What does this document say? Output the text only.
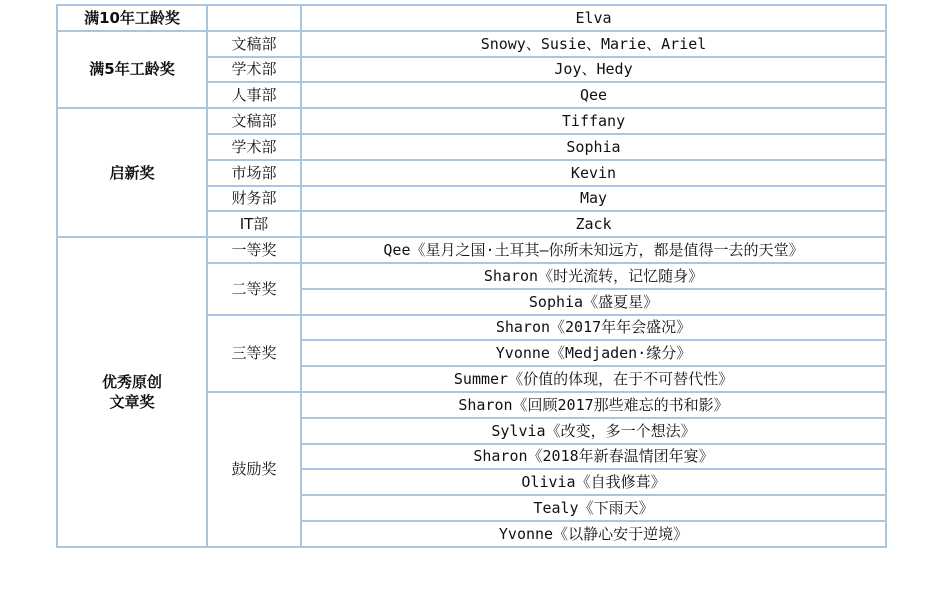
满10年工龄奖		Elva
满5年工龄奖	文稿部	Snowy、Susie、Marie、Ariel
	学术部	Joy、Hedy
	人事部	Qee
启新奖	文稿部	Tiffany
	学术部	Sophia
	市场部	Kevin
	财务部	May
	IT部	Zack

优秀原创
文章奖	一等奖	Qee《星月之国·土耳其—你所未知远方，都是值得一去的天堂》
	二等奖	Sharon《时光流转，记忆随身》
		Sophia《盛夏星》
	三等奖	Sharon《2017年年会盛况》
		Yvonne《Medjaden·缘分》
		Summer《价值的体现，在于不可替代性》
	鼓励奖	Sharon《回顾2017那些难忘的书和影》
		Sylvia《改变，多一个想法》
		Sharon《2018年新春温情团年宴》
		Olivia《自我修葺》
		Tealy《下雨天》
		Yvonne《以静心安于逆境》
